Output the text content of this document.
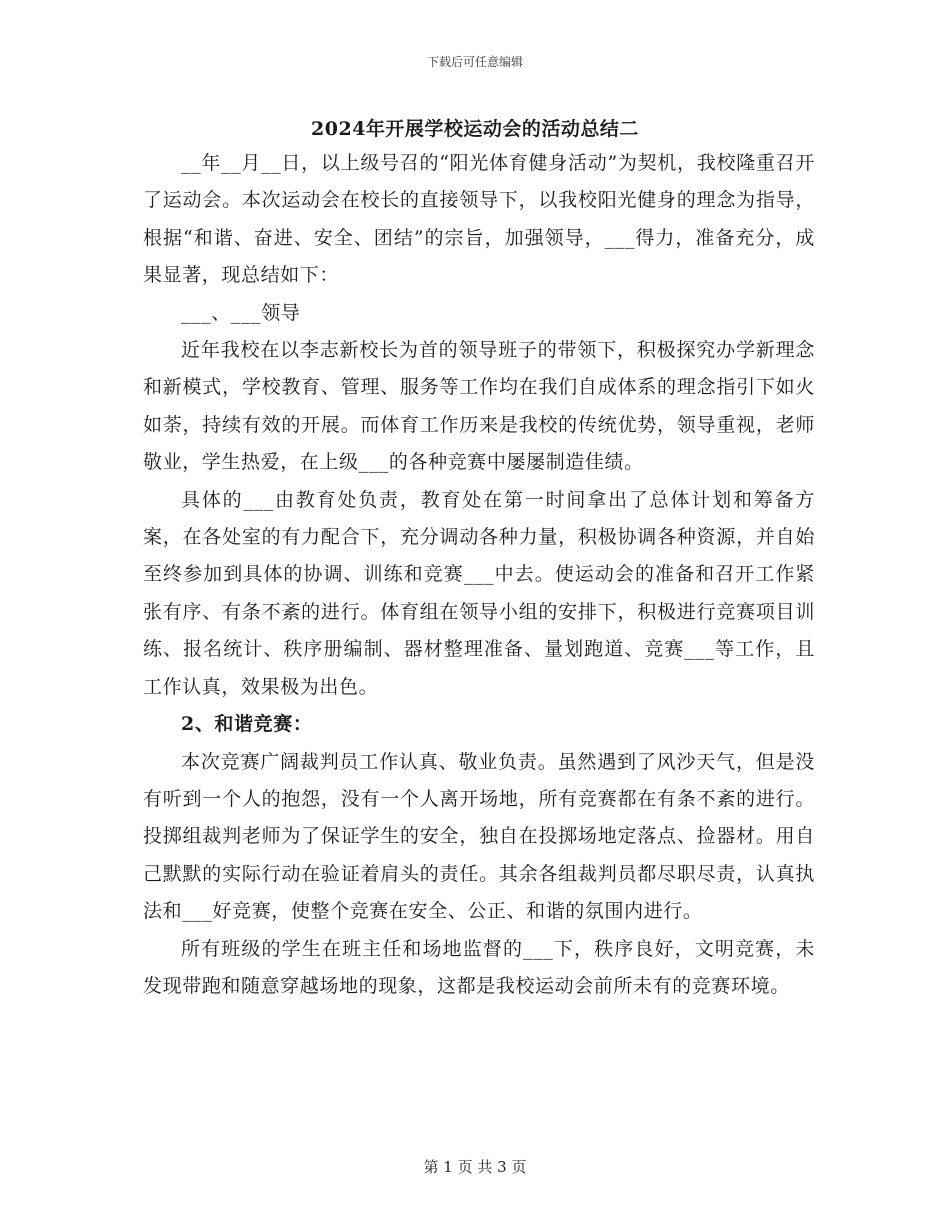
下载后可任意编辑
2024年开展学校运动会的活动总结二

__年__月__日，以上级号召的“阳光体育健身活动”为契机，我校隆重召开了运动会。本次运动会在校长的直接领导下，以我校阳光健身的理念为指导，根据“和谐、奋进、安全、团结”的宗旨，加强领导，___得力，准备充分，成果显著，现总结如下：

___、___领导

近年我校在以李志新校长为首的领导班子的带领下，积极探究办学新理念和新模式，学校教育、管理、服务等工作均在我们自成体系的理念指引下如火如荼，持续有效的开展。而体育工作历来是我校的传统优势，领导重视，老师敬业，学生热爱，在上级___的各种竞赛中屡屡制造佳绩。

具体的___由教育处负责，教育处在第一时间拿出了总体计划和筹备方案，在各处室的有力配合下，充分调动各种力量，积极协调各种资源，并自始至终参加到具体的协调、训练和竞赛___中去。使运动会的准备和召开工作紧张有序、有条不紊的进行。体育组在领导小组的安排下，积极进行竞赛项目训练、报名统计、秩序册编制、器材整理准备、量划跑道、竞赛___等工作，且工作认真，效果极为出色。

2、和谐竞赛：

本次竞赛广阔裁判员工作认真、敬业负责。虽然遇到了风沙天气，但是没有听到一个人的抱怨，没有一个人离开场地，所有竞赛都在有条不紊的进行。投掷组裁判老师为了保证学生的安全，独自在投掷场地定落点、捡器材。用自己默默的实际行动在验证着肩头的责任。其余各组裁判员都尽职尽责，认真执法和___好竞赛，使整个竞赛在安全、公正、和谐的氛围内进行。

所有班级的学生在班主任和场地监督的___下，秩序良好，文明竞赛，未发现带跑和随意穿越场地的现象，这都是我校运动会前所未有的竞赛环境。

第 1 页 共 3 页
